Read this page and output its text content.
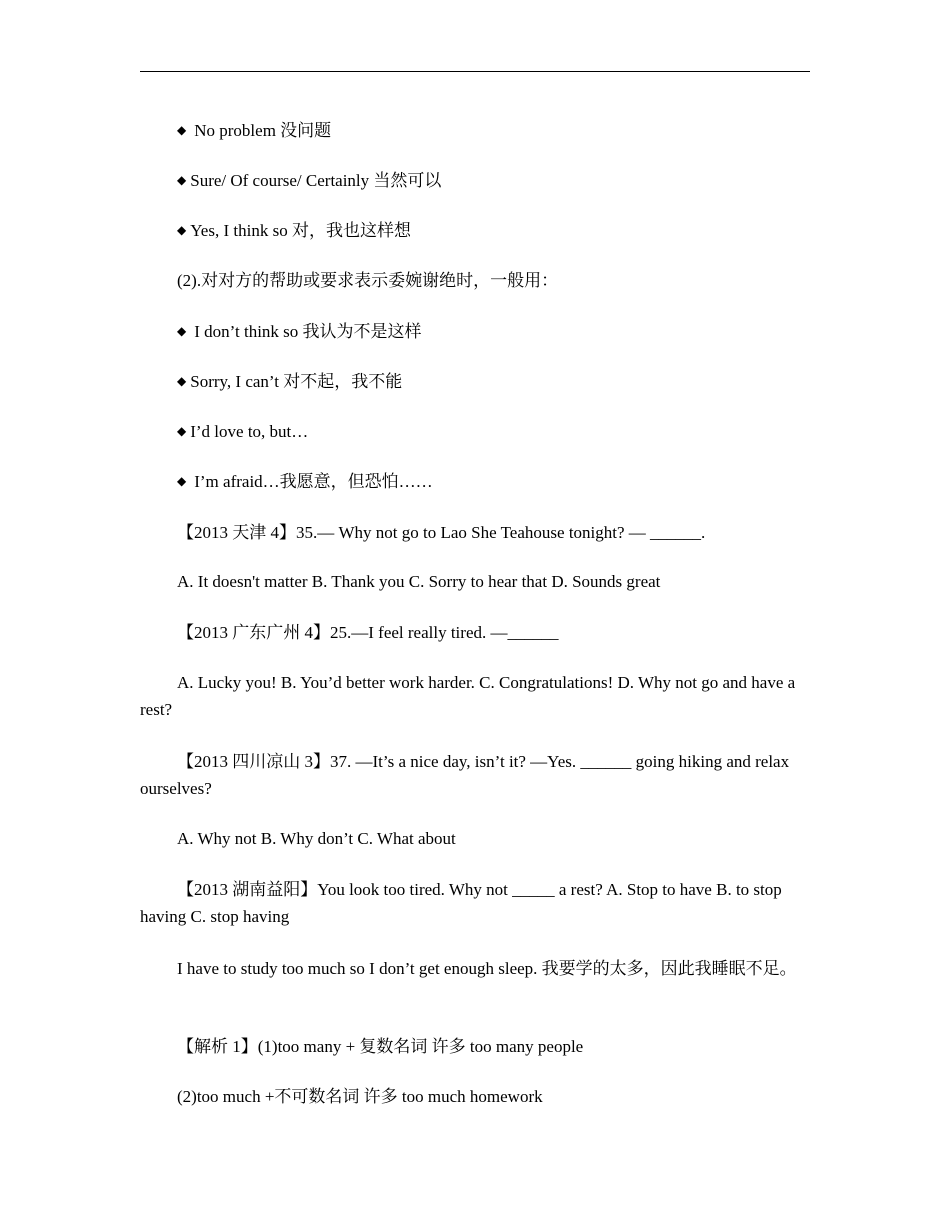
◆ No problem 没问题
◆ Sure/ Of course/ Certainly 当然可以
◆ Yes, I think so 对，我也这样想
(2).对对方的帮助或要求表示委婉谢绝时，一般用：
◆ I don’t think so 我认为不是这样
◆ Sorry, I can’t 对不起，我不能
◆ I’d love to, but…
◆ I’m afraid…我愿意，但恐怕……
【2013 天津 4】35.— Why not go to Lao She Teahouse tonight? — ______.
A. It doesn't matter B. Thank you C. Sorry to hear that D. Sounds great
【2013 广东广州 4】25.—I feel really tired. —______
A. Lucky you! B. You’d better work harder. C. Congratulations! D. Why not go and have a rest?
【2013 四川凉山 3】37. —It’s a nice day, isn’t it? —Yes. ______ going hiking and relax ourselves?
A. Why not B. Why don’t C. What about
【2013 湖南益阳】You look too tired. Why not _____ a rest? A. Stop to have B. to stop having C. stop having
I have to study too much so I don’t get enough sleep. 我要学的太多，因此我睡眠不足。
【解析 1】(1)too many + 复数名词 许多 too many people
(2)too much +不可数名词 许多 too much homework
